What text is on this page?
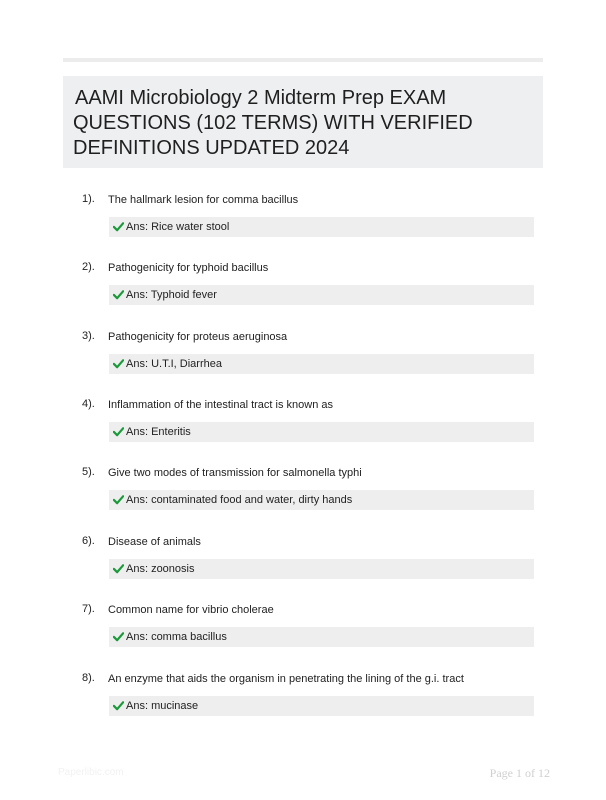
AAMI Microbiology 2 Midterm Prep EXAM
QUESTIONS (102 TERMS) WITH VERIFIED
DEFINITIONS UPDATED 2024
1). The hallmark lesion for comma bacillus
Ans: Rice water stool
2). Pathogenicity for typhoid bacillus
Ans: Typhoid fever
3). Pathogenicity for proteus aeruginosa
Ans: U.T.I, Diarrhea
4). Inflammation of the intestinal tract is known as
Ans: Enteritis
5). Give two modes of transmission for salmonella typhi
Ans: contaminated food and water, dirty hands
6). Disease of animals
Ans: zoonosis
7). Common name for vibrio cholerae
Ans: comma bacillus
8). An enzyme that aids the organism in penetrating the lining of the g.i. tract
Ans: mucinase
Paperlibic.com	Page 1 of 12
